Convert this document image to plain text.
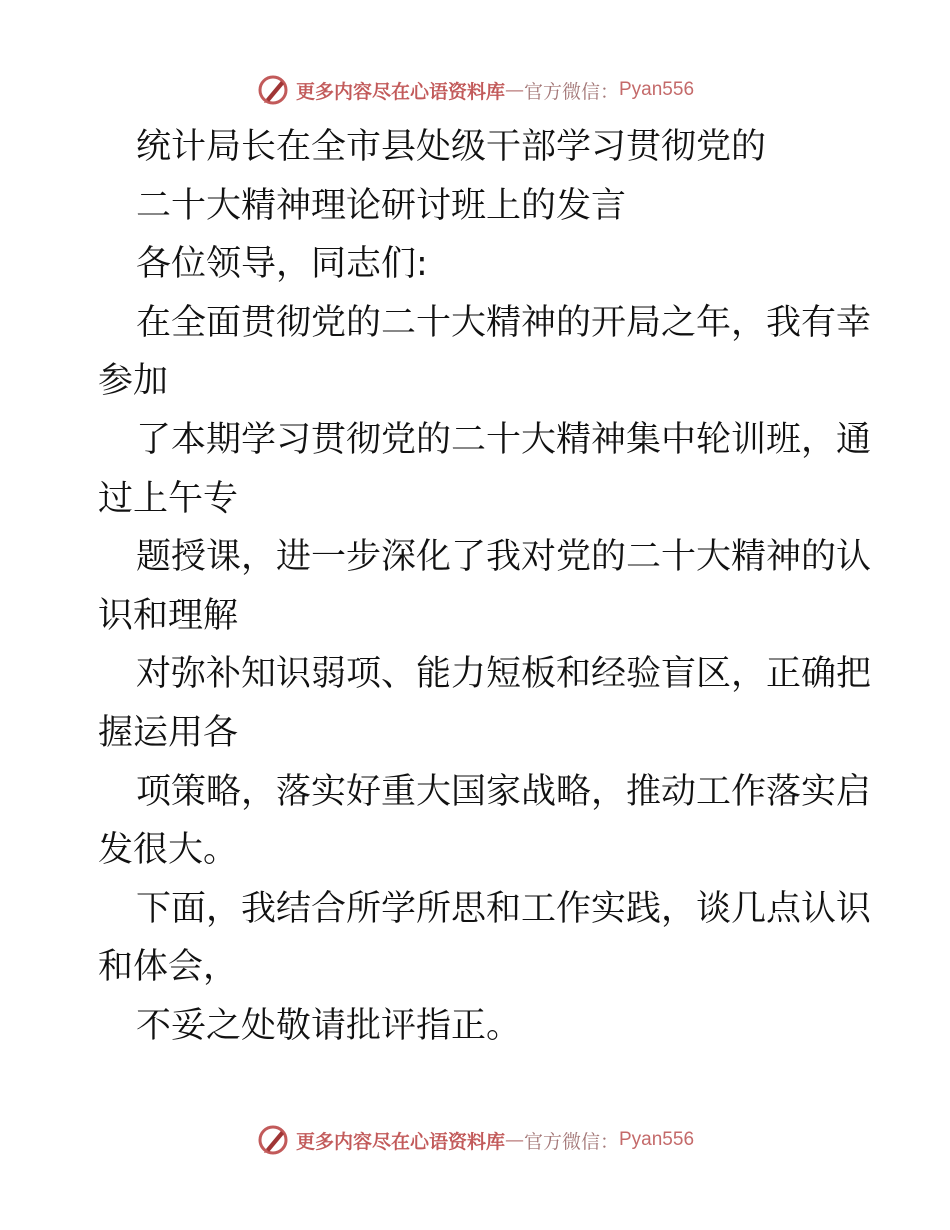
更多内容尽在心语资料库 — 官方微信： Pyan556
统计局长在全市县处级干部学习贯彻党的
二十大精神理论研讨班上的发言
各位领导，同志们:
在全面贯彻党的二十大精神的开局之年，我有幸
参加
了本期学习贯彻党的二十大精神集中轮训班，通
过上午专
题授课，进一步深化了我对党的二十大精神的认
识和理解
对弥补知识弱项、能力短板和经验盲区，正确把
握运用各
项策略，落实好重大国家战略，推动工作落实启
发很大。
下面，我结合所学所思和工作实践，谈几点认识
和体会，
不妥之处敬请批评指正。
更多内容尽在心语资料库 — 官方微信： Pyan556
